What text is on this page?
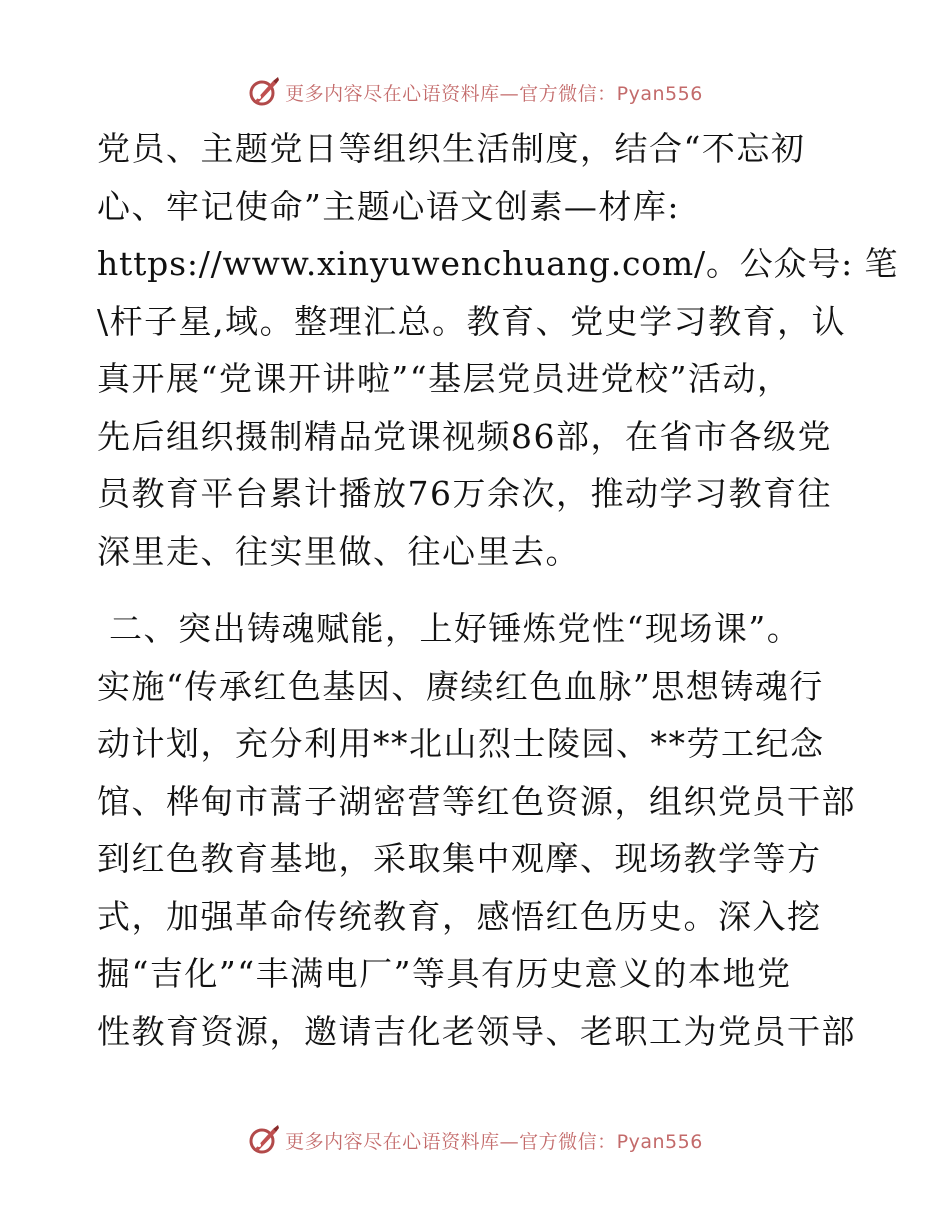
更多内容尽在心语资料库—官方微信：Pyan556
党员、主题党日等组织生活制度，结合“不忘初
心、牢记使命”主题心语文创素—材库:
https://www.xinyuwenchuang.com/。公众号: 笔
\杆子星,域。整理汇总。教育、党史学习教育，认
真开展“党课开讲啦”“基层党员进党校”活动，
先后组织摄制精品党课视频86部，在省市各级党
员教育平台累计播放76万余次，推动学习教育往
深里走、往实里做、往心里去。
二、突出铸魂赋能，上好锤炼党性“现场课”。
实施“传承红色基因、赓续红色血脉”思想铸魂行
动计划，充分利用**北山烈士陵园、**劳工纪念
馆、桦甸市蒿子湖密营等红色资源，组织党员干部
到红色教育基地，采取集中观摩、现场教学等方
式，加强革命传统教育，感悟红色历史。深入挖
掘“吉化”“丰满电厂”等具有历史意义的本地党
性教育资源，邀请吉化老领导、老职工为党员干部
更多内容尽在心语资料库—官方微信：Pyan556
